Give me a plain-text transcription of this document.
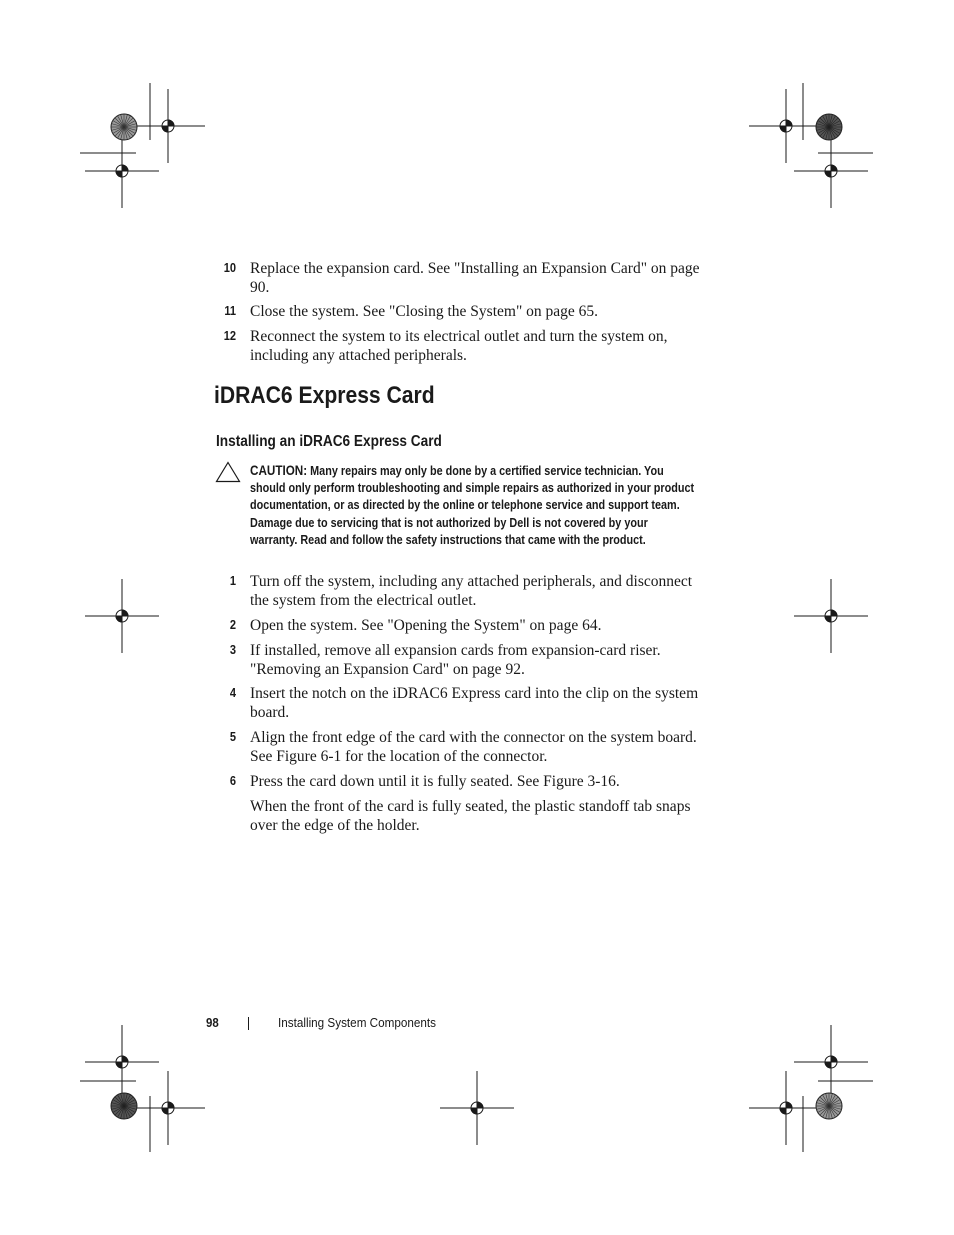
10 Replace the expansion card. See "Installing an Expansion Card" on page 90.
11 Close the system. See "Closing the System" on page 65.
12 Reconnect the system to its electrical outlet and turn the system on, including any attached peripherals.
iDRAC6 Express Card
Installing an iDRAC6 Express Card
CAUTION: Many repairs may only be done by a certified service technician. You should only perform troubleshooting and simple repairs as authorized in your product documentation, or as directed by the online or telephone service and support team. Damage due to servicing that is not authorized by Dell is not covered by your warranty. Read and follow the safety instructions that came with the product.
1 Turn off the system, including any attached peripherals, and disconnect the system from the electrical outlet.
2 Open the system. See "Opening the System" on page 64.
3 If installed, remove all expansion cards from expansion-card riser. "Removing an Expansion Card" on page 92.
4 Insert the notch on the iDRAC6 Express card into the clip on the system board.
5 Align the front edge of the card with the connector on the system board. See Figure 6-1 for the location of the connector.
6 Press the card down until it is fully seated. See Figure 3-16.
When the front of the card is fully seated, the plastic standoff tab snaps over the edge of the holder.
98	Installing System Components
